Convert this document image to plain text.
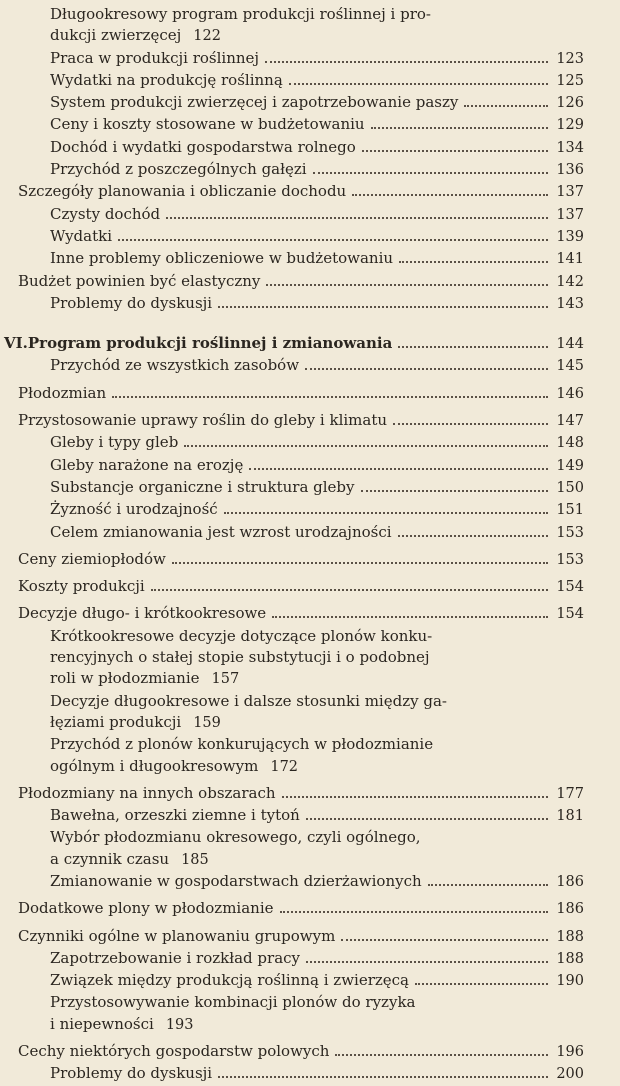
Długookresowy program produkcji roślinnej i pro-
dukcji zwierzęcej 122
Praca w produkcji roślinnej	123
Wydatki na produkcję roślinną	125
System produkcji zwierzęcej i zapotrzebowanie paszy	126
Ceny i koszty stosowane w budżetowaniu	129
Dochód i wydatki gospodarstwa rolnego	134
Przychód z poszczególnych gałęzi	136
Szczegóły planowania i obliczanie dochodu	137
Czysty dochód	137
Wydatki	139
Inne problemy obliczeniowe w budżetowaniu	141
Budżet powinien być elastyczny	142
Problemy do dyskusji	143
VI. Program produkcji roślinnej i zmianowania	144
Przychód ze wszystkich zasobów	145
Płodozmian	146
Przystosowanie uprawy roślin do gleby i klimatu	147
Gleby i typy gleb	148
Gleby narażone na erozję	149
Substancje organiczne i struktura gleby	150
Żyzność i urodzajność	151
Celem zmianowania jest wzrost urodzajności	153
Ceny ziemiopłodów	153
Koszty produkcji	154
Decyzje długo- i krótkookresowe	154
Krótkookresowe decyzje dotyczące plonów konku-
rencyjnych o stałej stopie substytucji i o podobnej
roli w płodozmianie 157
Decyzje długookresowe i dalsze stosunki między ga-
łęziami produkcji 159
Przychód z plonów konkurujących w płodozmianie
ogólnym i długookresowym 172
Płodozmiany na innych obszarach	177
Bawełna, orzeszki ziemne i tytoń	181
Wybór płodozmianu okresowego, czyli ogólnego,
a czynnik czasu 185
Zmianowanie w gospodarstwach dzierżawionych	186
Dodatkowe plony w płodozmianie	186
Czynniki ogólne w planowaniu grupowym	188
Zapotrzebowanie i rozkład pracy	188
Związek między produkcją roślinną i zwierzęcą	190
Przystosowywanie kombinacji plonów do ryzyka
i niepewności 193
Cechy niektórych gospodarstw polowych	196
Problemy do dyskusji	200
